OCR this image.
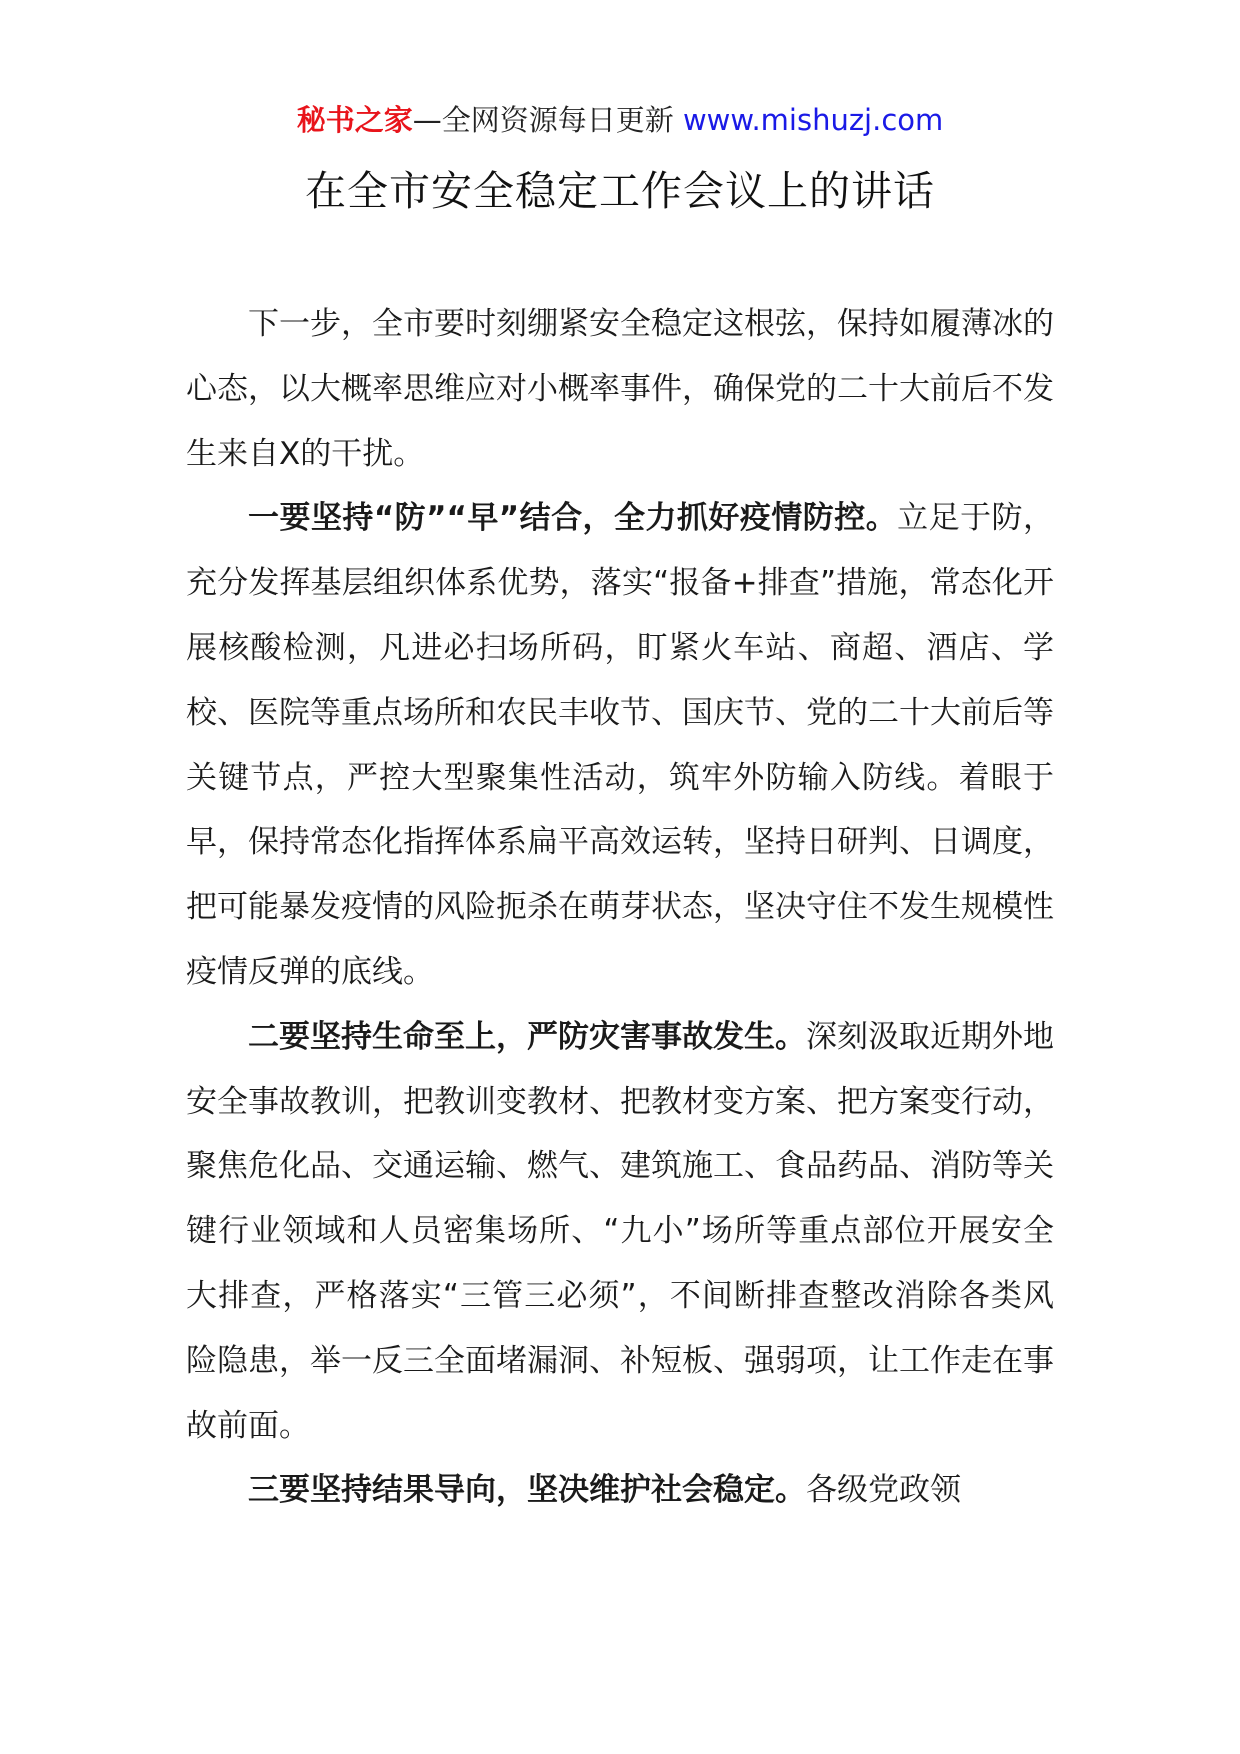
秘书之家—全网资源每日更新 www.mishuzj.com
在全市安全稳定工作会议上的讲话

下一步，全市要时刻绷紧安全稳定这根弦，保持如履薄冰的心态，以大概率思维应对小概率事件，确保党的二十大前后不发生来自X的干扰。

一要坚持“防”“早”结合，全力抓好疫情防控。立足于防，充分发挥基层组织体系优势，落实“报备+排查”措施，常态化开展核酸检测，凡进必扫场所码，盯紧火车站、商超、酒店、学校、医院等重点场所和农民丰收节、国庆节、党的二十大前后等关键节点，严控大型聚集性活动，筑牢外防输入防线。着眼于早，保持常态化指挥体系扁平高效运转，坚持日研判、日调度，把可能暴发疫情的风险扼杀在萌芽状态，坚决守住不发生规模性疫情反弹的底线。

二要坚持生命至上，严防灾害事故发生。深刻汲取近期外地安全事故教训，把教训变教材、把教材变方案、把方案变行动，聚焦危化品、交通运输、燃气、建筑施工、食品药品、消防等关键行业领域和人员密集场所、“九小”场所等重点部位开展安全大排查，严格落实“三管三必须”，不间断排查整改消除各类风险隐患，举一反三全面堵漏洞、补短板、强弱项，让工作走在事故前面。

三要坚持结果导向，坚决维护社会稳定。各级党政领
